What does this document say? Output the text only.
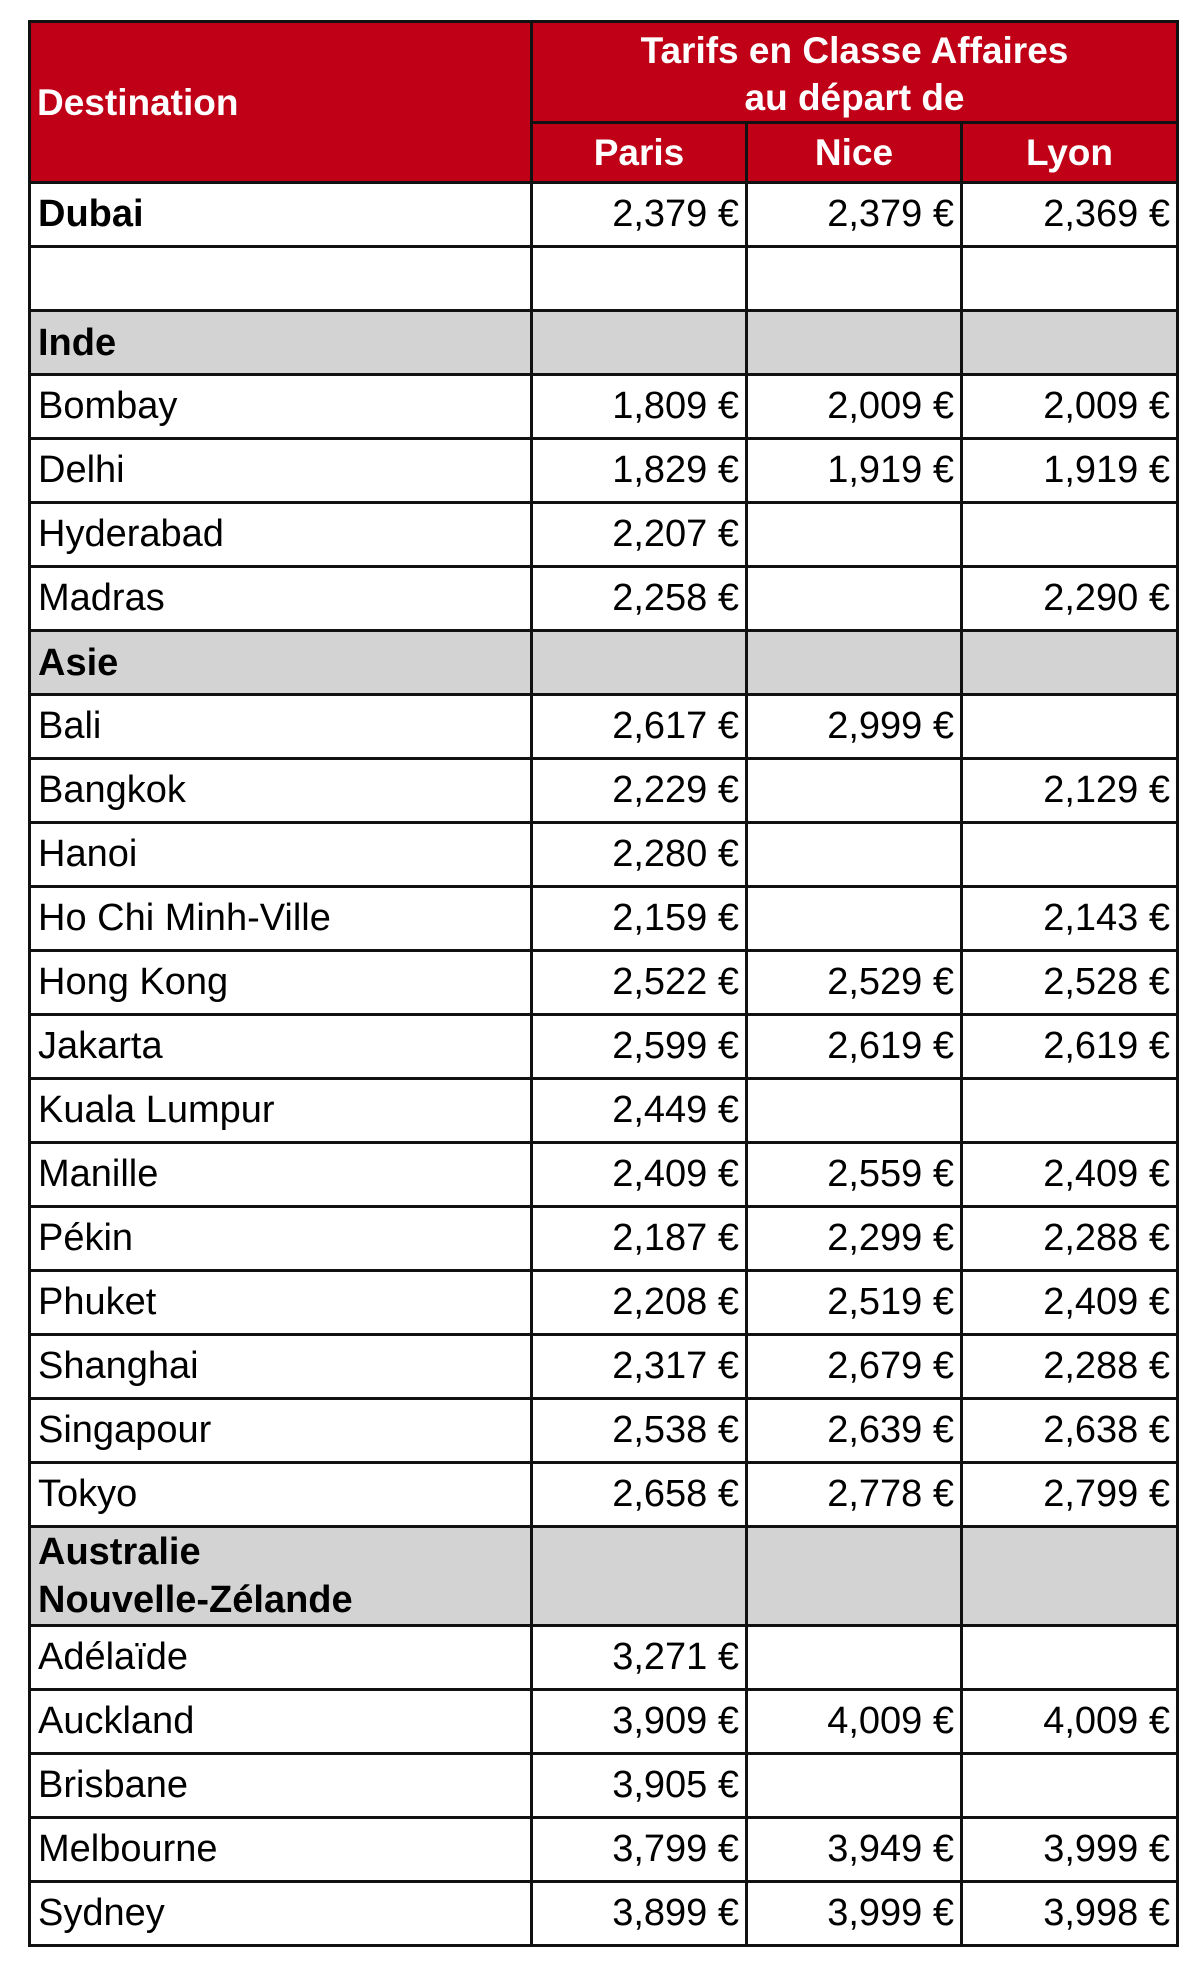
Destination	Tarifs en Classe Affaires
au départ de		
	Paris	Nice	Lyon
Dubai	2,379 €	2,379 €	2,369 €

Inde			
Bombay	1,809 €	2,009 €	2,009 €
Delhi	1,829 €	1,919 €	1,919 €
Hyderabad	2,207 €		
Madras	2,258 €		2,290 €
Asie			
Bali	2,617 €	2,999 €	
Bangkok	2,229 €		2,129 €
Hanoi	2,280 €		
Ho Chi Minh-Ville	2,159 €		2,143 €
Hong Kong	2,522 €	2,529 €	2,528 €
Jakarta	2,599 €	2,619 €	2,619 €
Kuala Lumpur	2,449 €		
Manille	2,409 €	2,559 €	2,409 €
Pékin	2,187 €	2,299 €	2,288 €
Phuket	2,208 €	2,519 €	2,409 €
Shanghai	2,317 €	2,679 €	2,288 €
Singapour	2,538 €	2,639 €	2,638 €
Tokyo	2,658 €	2,778 €	2,799 €
Australie
Nouvelle-Zélande			
Adélaïde	3,271 €		
Auckland	3,909 €	4,009 €	4,009 €
Brisbane	3,905 €		
Melbourne	3,799 €	3,949 €	3,999 €
Sydney	3,899 €	3,999 €	3,998 €
